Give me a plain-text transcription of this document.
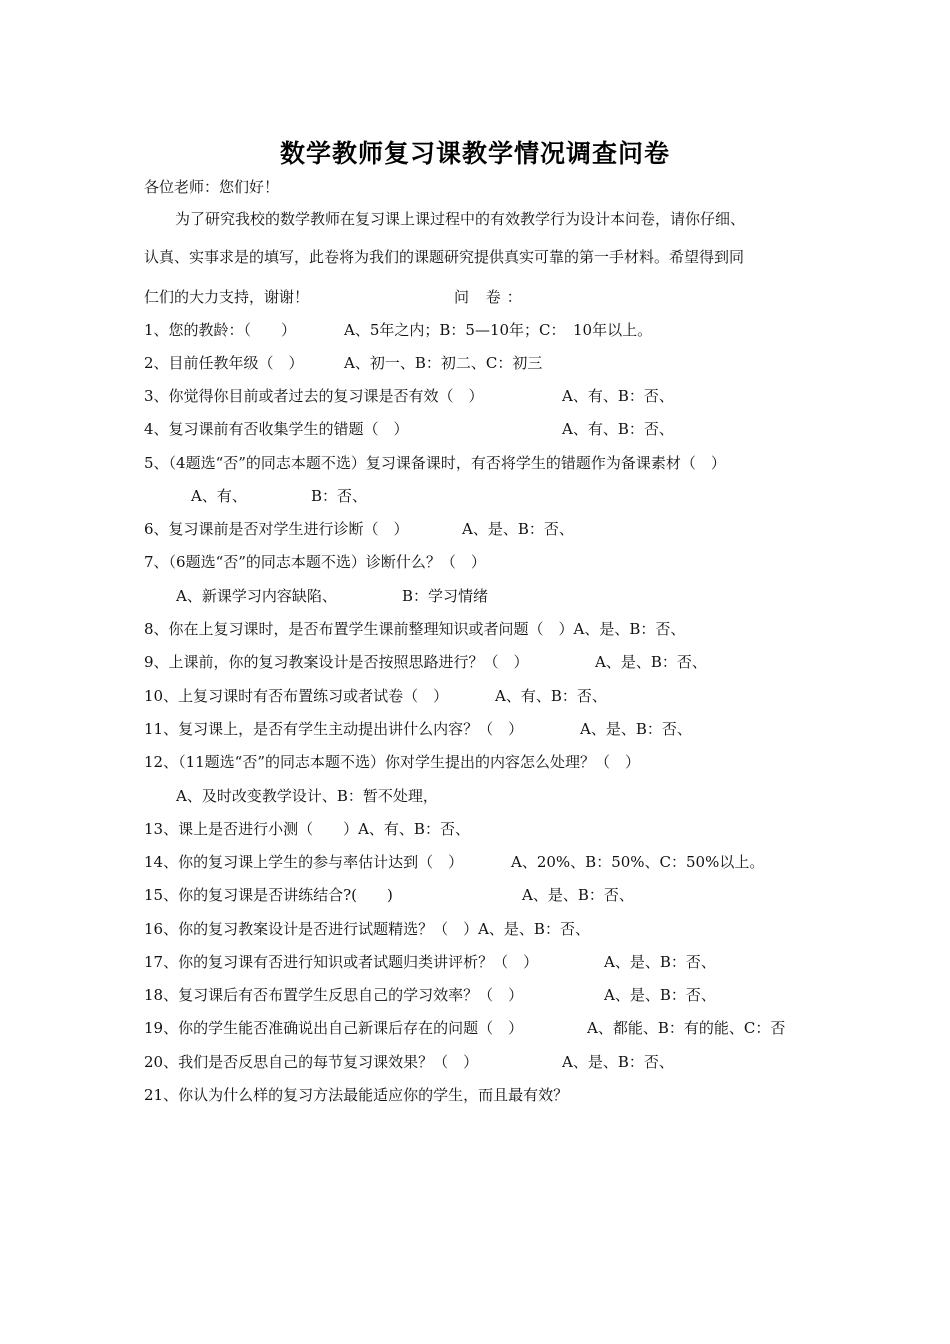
数学教师复习课教学情况调查问卷
各位老师：您们好！
为了研究我校的数学教师在复习课上课过程中的有效教学行为设计本问卷，请你仔细、
认真、实事求是的填写，此卷将为我们的课题研究提供真实可靠的第一手材料。希望得到同
仁们的大力支持，谢谢！	问 卷：
1、您的教龄：（　　）	A、5年之内；B：5—10年；C：　10年以上。
2、目前任教年级（　）	A、初一、B：初二、C：初三
3、你觉得你目前或者过去的复习课是否有效（　）	A、有、B：否、
4、复习课前有否收集学生的错题（　）	A、有、B：否、
5、（4题选“否”的同志本题不选）复习课备课时，有否将学生的错题作为备课素材（　）
A、有、	B：否、
6、复习课前是否对学生进行诊断（　）	A、是、B：否、
7、（6题选“否”的同志本题不选）诊断什么？（　）
A、新课学习内容缺陷、	B：学习情绪
8、你在上复习课时，是否布置学生课前整理知识或者问题（　）A、是、B：否、
9、上课前，你的复习教案设计是否按照思路进行？（　）	A、是、B：否、
10、上复习课时有否布置练习或者试卷（　）	A、有、B：否、
11、复习课上，是否有学生主动提出讲什么内容？（　）	A、是、B：否、
12、（11题选“否”的同志本题不选）你对学生提出的内容怎么处理？（　）
A、及时改变教学设计、B：暂不处理，
13、课上是否进行小测（　　）A、有、B：否、
14、你的复习课上学生的参与率估计达到（　）	A、20%、B：50%、C：50%以上。
15、你的复习课是否讲练结合?(　　)	A、是、B：否、
16、你的复习教案设计是否进行试题精选？（　）A、是、B：否、
17、你的复习课有否进行知识或者试题归类讲评析？（　）	A、是、B：否、
18、复习课后有否布置学生反思自己的学习效率？（　）	A、是、B：否、
19、你的学生能否准确说出自己新课后存在的问题（　）	A、都能、B：有的能、C：否
20、我们是否反思自己的每节复习课效果？（　）	A、是、B：否、
21、你认为什么样的复习方法最能适应你的学生，而且最有效？
